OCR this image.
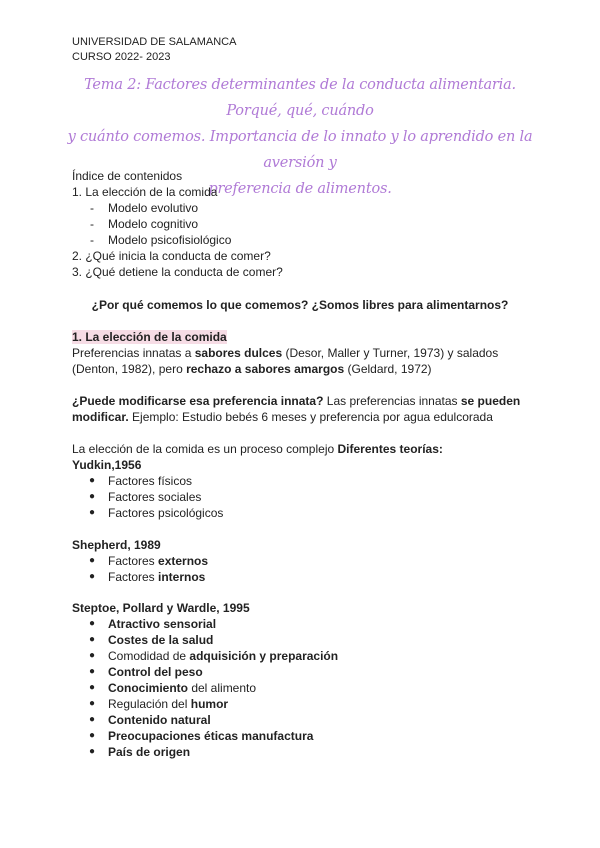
UNIVERSIDAD DE SALAMANCA
CURSO 2022- 2023
Tema 2: Factores determinantes de la conducta alimentaria. Porqué, qué, cuándo
y cuánto comemos. Importancia de lo innato y lo aprendido en la aversión y
preferencia de alimentos.
Índice de contenidos
1. La elección de la comida
- Modelo evolutivo
- Modelo cognitivo
- Modelo psicofisiológico
2. ¿Qué inicia la conducta de comer?
3. ¿Qué detiene la conducta de comer?
¿Por qué comemos lo que comemos? ¿Somos libres para alimentarnos?
1. La elección de la comida
Preferencias innatas a sabores dulces (Desor, Maller y Turner, 1973) y salados
(Denton, 1982), pero rechazo a sabores amargos (Geldard, 1972)
¿Puede modificarse esa preferencia innata? Las preferencias innatas se pueden
modificar. Ejemplo: Estudio bebés 6 meses y preferencia por agua edulcorada
La elección de la comida es un proceso complejo Diferentes teorías:
Yudkin,1956
● Factores físicos
● Factores sociales
● Factores psicológicos
Shepherd, 1989
● Factores externos
● Factores internos
Steptoe, Pollard y Wardle, 1995
● Atractivo sensorial
● Costes de la salud
● Comodidad de adquisición y preparación
● Control del peso
● Conocimiento del alimento
● Regulación del humor
● Contenido natural
● Preocupaciones éticas manufactura
● País de origen
